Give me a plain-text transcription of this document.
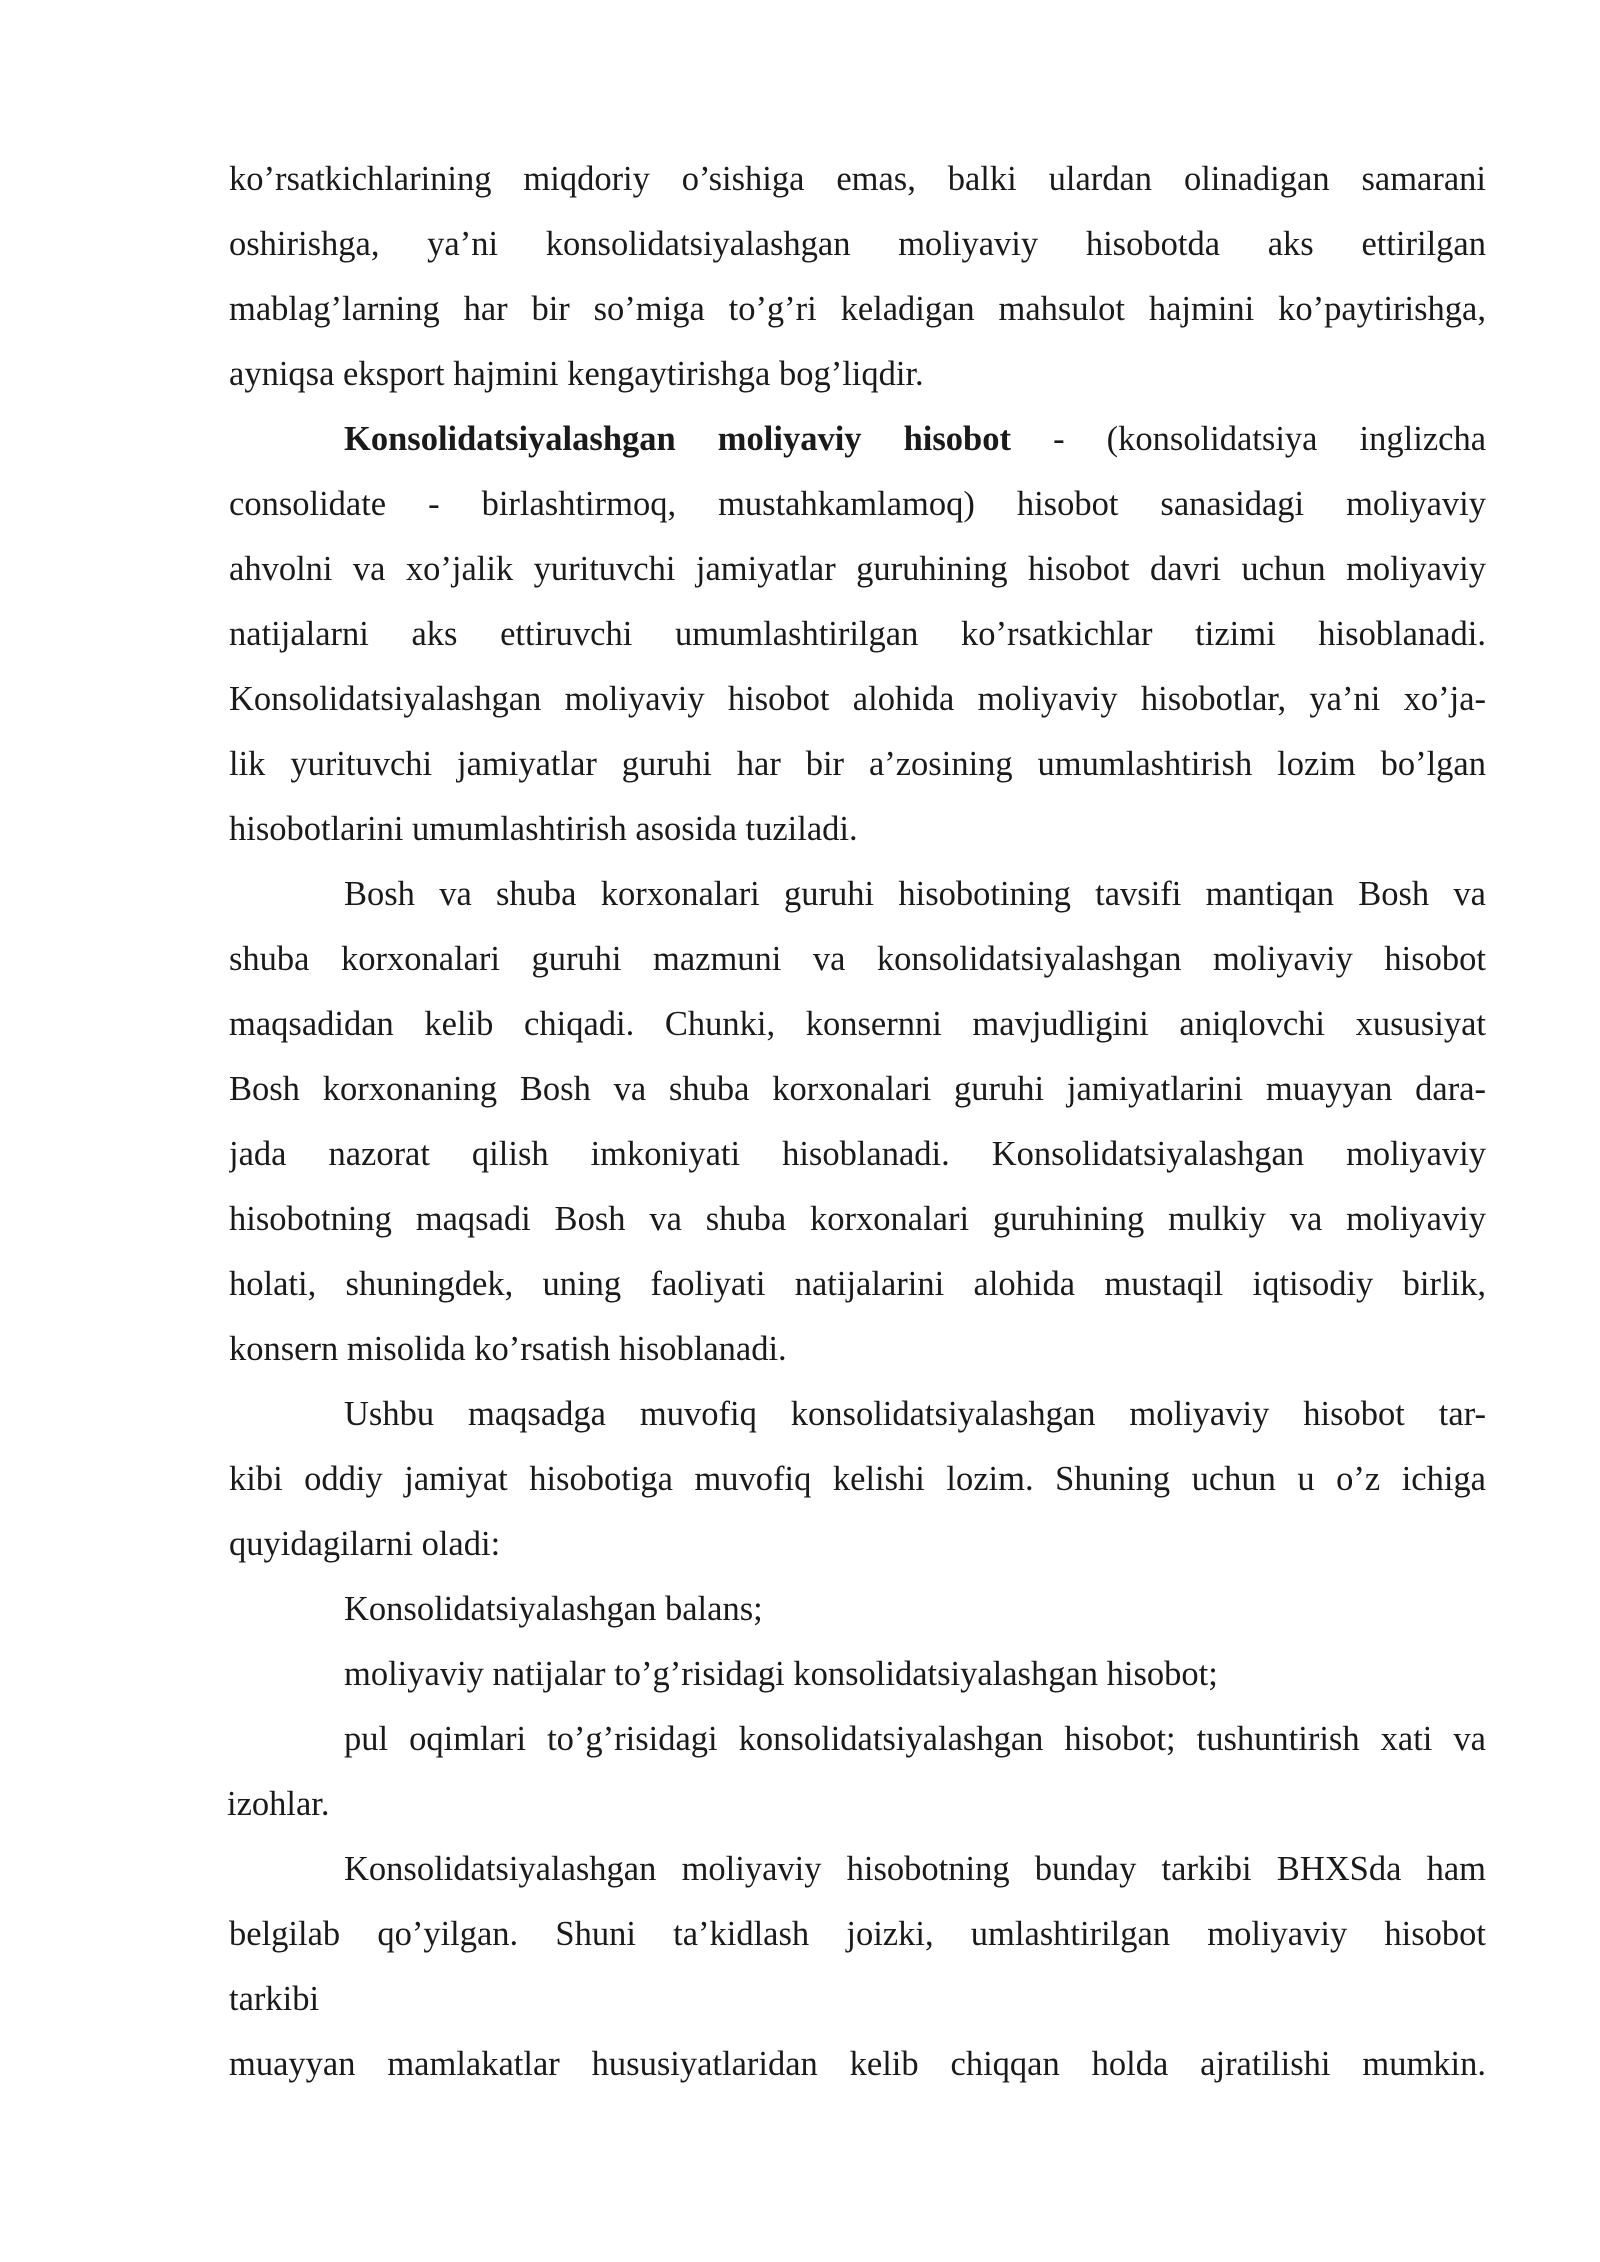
ko’rsatkichlarining miqdoriy o’sishiga emas, balki ulardan olinadigan samarani
oshirishga, ya’ni konsolidatsiyalashgan moliyaviy hisobotda aks ettirilgan
mablag’larning har bir so’miga to’g’ri keladigan mahsulot hajmini ko’paytirishga,
ayniqsa eksport hajmini kengaytirishga bog’liqdir.
Konsolidatsiyalashgan moliyaviy hisobot - (konsolidatsiya inglizcha
consolidate - birlashtirmoq, mustahkamlamoq) hisobot sanasidagi moliyaviy
ahvolni va xo’jalik yurituvchi jamiyatlar guruhining hisobot davri uchun moliyaviy
natijalarni aks ettiruvchi umumlashtirilgan ko’rsatkichlar tizimi hisoblanadi.
Konsolidatsiyalashgan moliyaviy hisobot alohida moliyaviy hisobotlar, ya’ni xo’ja-
lik yurituvchi jamiyatlar guruhi har bir a’zosining umumlashtirish lozim bo’lgan
hisobotlarini umumlashtirish asosida tuziladi.
Bosh va shuba korxonalari guruhi hisobotining tavsifi mantiqan Bosh va
shuba korxonalari guruhi mazmuni va konsolidatsiyalashgan moliyaviy hisobot
maqsadidan kelib chiqadi. Chunki, konsernni mavjudligini aniqlovchi xususiyat
Bosh korxonaning Bosh va shuba korxonalari guruhi jamiyatlarini muayyan dara-
jada nazorat qilish imkoniyati hisoblanadi. Konsolidatsiyalashgan moliyaviy
hisobotning maqsadi Bosh va shuba korxonalari guruhining mulkiy va moliyaviy
holati, shuningdek, uning faoliyati natijalarini alohida mustaqil iqtisodiy birlik,
konsern misolida ko’rsatish hisoblanadi.
Ushbu maqsadga muvofiq konsolidatsiyalashgan moliyaviy hisobot tar-
kibi oddiy jamiyat hisobotiga muvofiq kelishi lozim. Shuning uchun u o’z ichiga
quyidagilarni oladi:
Konsolidatsiyalashgan balans;
moliyaviy natijalar to’g’risidagi konsolidatsiyalashgan hisobot;
pul oqimlari to’g’risidagi konsolidatsiyalashgan hisobot; tushuntirish xati va
izohlar.
Konsolidatsiyalashgan moliyaviy hisobotning bunday tarkibi BHXSda ham
belgilab qo’yilgan. Shuni ta’kidlash joizki, umlashtirilgan moliyaviy hisobot
tarkibi
muayyan mamlakatlar hususiyatlaridan kelib chiqqan holda ajratilishi mumkin.
